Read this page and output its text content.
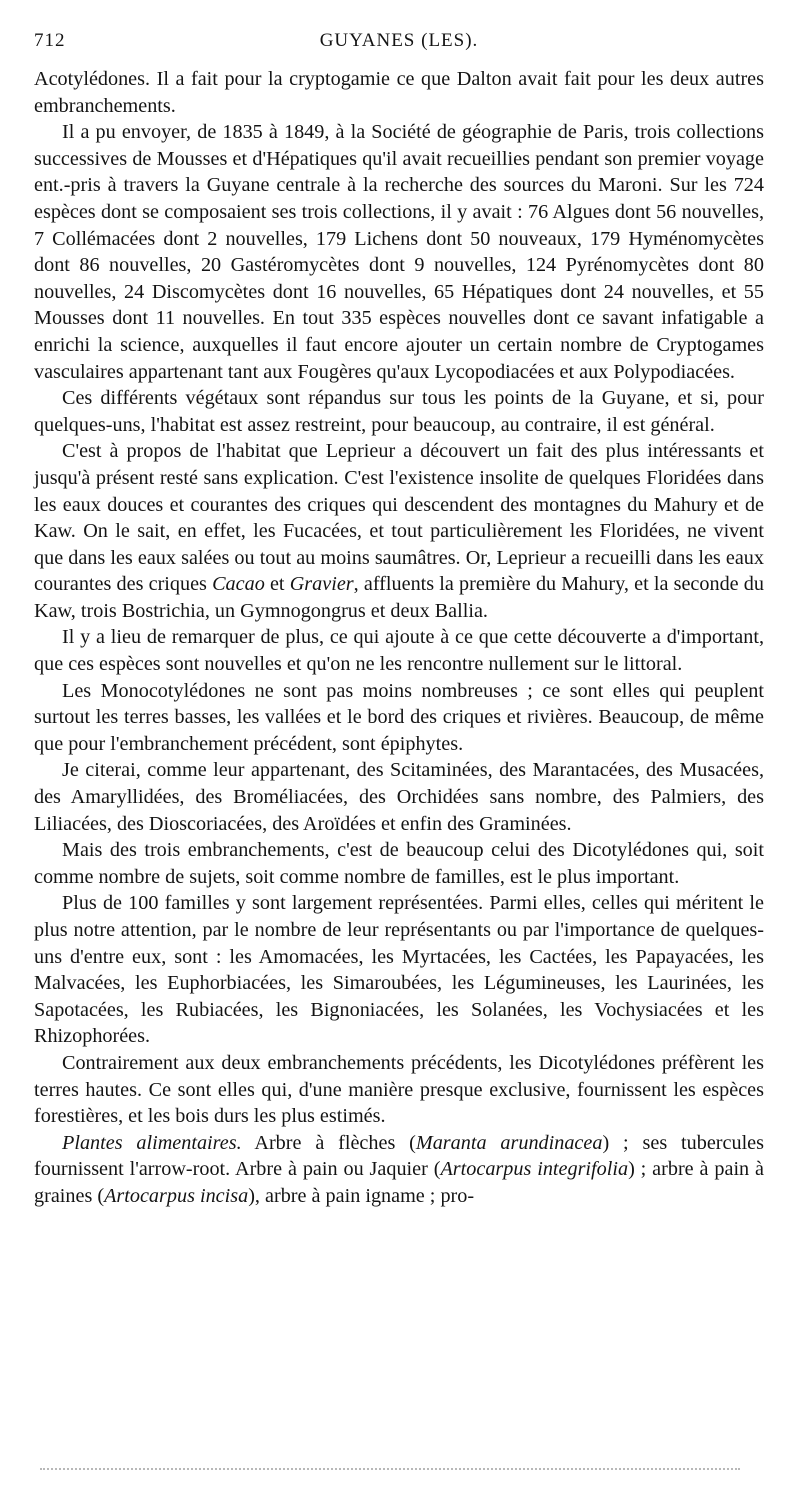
712	GUYANES (LES).

Acotylédones. Il a fait pour la cryptogamie ce que Dalton avait fait pour les deux autres embranchements.

Il a pu envoyer, de 1835 à 1849, à la Société de géographie de Paris, trois collections successives de Mousses et d'Hépatiques qu'il avait recueillies pendant son premier voyage ent.-pris à travers la Guyane centrale à la recherche des sources du Maroni. Sur les 724 espèces dont se composaient ses trois collections, il y avait : 76 Algues dont 56 nouvelles, 7 Collémacées dont 2 nouvelles, 179 Lichens dont 50 nouveaux, 179 Hyménomycètes dont 86 nouvelles, 20 Gastéromycètes dont 9 nouvelles, 124 Pyrénomycètes dont 80 nouvelles, 24 Discomycètes dont 16 nouvelles, 65 Hépatiques dont 24 nouvelles, et 55 Mousses dont 11 nouvelles. En tout 335 espèces nouvelles dont ce savant infatigable a enrichi la science, auxquelles il faut encore ajouter un certain nombre de Cryptogames vasculaires appartenant tant aux Fougères qu'aux Lycopodiacées et aux Polypodiacées.

Ces différents végétaux sont répandus sur tous les points de la Guyane, et si, pour quelques-uns, l'habitat est assez restreint, pour beaucoup, au contraire, il est général.

C'est à propos de l'habitat que Leprieur a découvert un fait des plus intéressants et jusqu'à présent resté sans explication. C'est l'existence insolite de quelques Floridées dans les eaux douces et courantes des criques qui descendent des montagnes du Mahury et de Kaw. On le sait, en effet, les Fucacées, et tout particulièrement les Floridées, ne vivent que dans les eaux salées ou tout au moins saumâtres. Or, Leprieur a recueilli dans les eaux courantes des criques Cacao et Gravier, affluents la première du Mahury, et la seconde du Kaw, trois Bostrichia, un Gymnogongrus et deux Ballia.

Il y a lieu de remarquer de plus, ce qui ajoute à ce que cette découverte a d'important, que ces espèces sont nouvelles et qu'on ne les rencontre nullement sur le littoral.

Les Monocotylédones ne sont pas moins nombreuses ; ce sont elles qui peuplent surtout les terres basses, les vallées et le bord des criques et rivières. Beaucoup, de même que pour l'embranchement précédent, sont épiphytes.

Je citerai, comme leur appartenant, des Scitaminées, des Marantacées, des Musacées, des Amaryllidées, des Broméliacées, des Orchidées sans nombre, des Palmiers, des Liliacées, des Dioscoriacées, des Aroïdées et enfin des Graminées.

Mais des trois embranchements, c'est de beaucoup celui des Dicotylédones qui, soit comme nombre de sujets, soit comme nombre de familles, est le plus important.

Plus de 100 familles y sont largement représentées. Parmi elles, celles qui méritent le plus notre attention, par le nombre de leur représentants ou par l'importance de quelques-uns d'entre eux, sont : les Amomacées, les Myrtacées, les Cactées, les Papayacées, les Malvacées, les Euphorbiacées, les Simaroubées, les Légumineuses, les Laurinées, les Sapotacées, les Rubiacées, les Bignoniacées, les Solanées, les Vochysiacées et les Rhizophorées.

Contrairement aux deux embranchements précédents, les Dicotylédones préfèrent les terres hautes. Ce sont elles qui, d'une manière presque exclusive, fournissent les espèces forestières, et les bois durs les plus estimés.

Plantes alimentaires. Arbre à flèches (Maranta arundinacea) ; ses tubercules fournissent l'arrow-root. Arbre à pain ou Jaquier (Artocarpus integrifolia) ; arbre à pain à graines (Artocarpus incisa), arbre à pain igname ; pro-
